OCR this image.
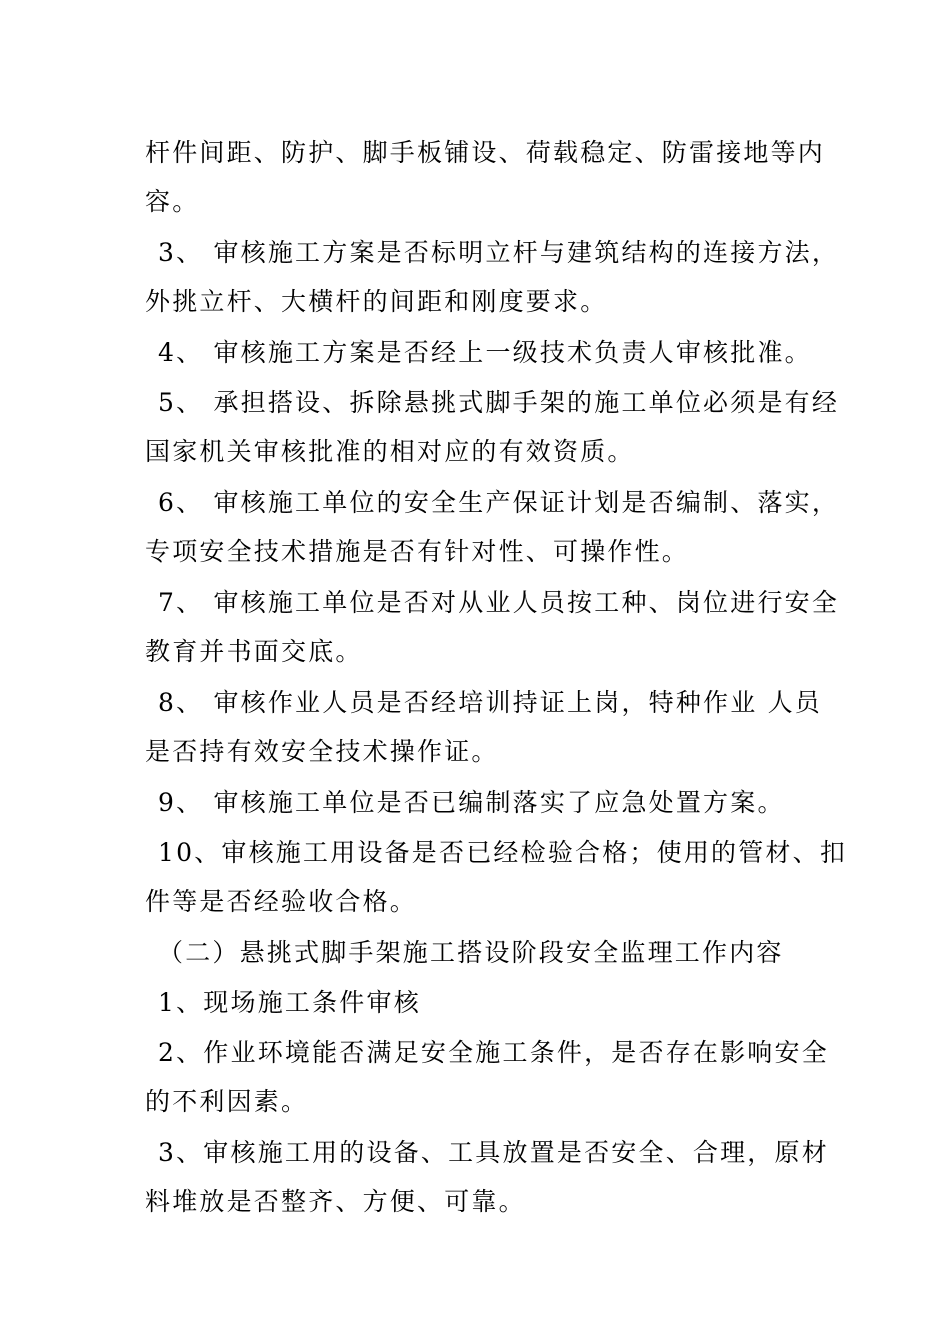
杆件间距、防护、脚手板铺设、荷载稳定、防雷接地等内
容。
3、 审核施工方案是否标明立杆与建筑结构的连接方法，
外挑立杆、大横杆的间距和刚度要求。
4、 审核施工方案是否经上一级技术负责人审核批准。
5、 承担搭设、拆除悬挑式脚手架的施工单位必须是有经
国家机关审核批准的相对应的有效资质。
6、 审核施工单位的安全生产保证计划是否编制、落实，
专项安全技术措施是否有针对性、可操作性。
7、 审核施工单位是否对从业人员按工种、岗位进行安全
教育并书面交底。
8、 审核作业人员是否经培训持证上岗，特种作业 人员
是否持有效安全技术操作证。
9、 审核施工单位是否已编制落实了应急处置方案。
10、审核施工用设备是否已经检验合格；使用的管材、扣
件等是否经验收合格。
（二）悬挑式脚手架施工搭设阶段安全监理工作内容
1、现场施工条件审核
2、作业环境能否满足安全施工条件，是否存在影响安全
的不利因素。
3、审核施工用的设备、工具放置是否安全、合理，原材
料堆放是否整齐、方便、可靠。
